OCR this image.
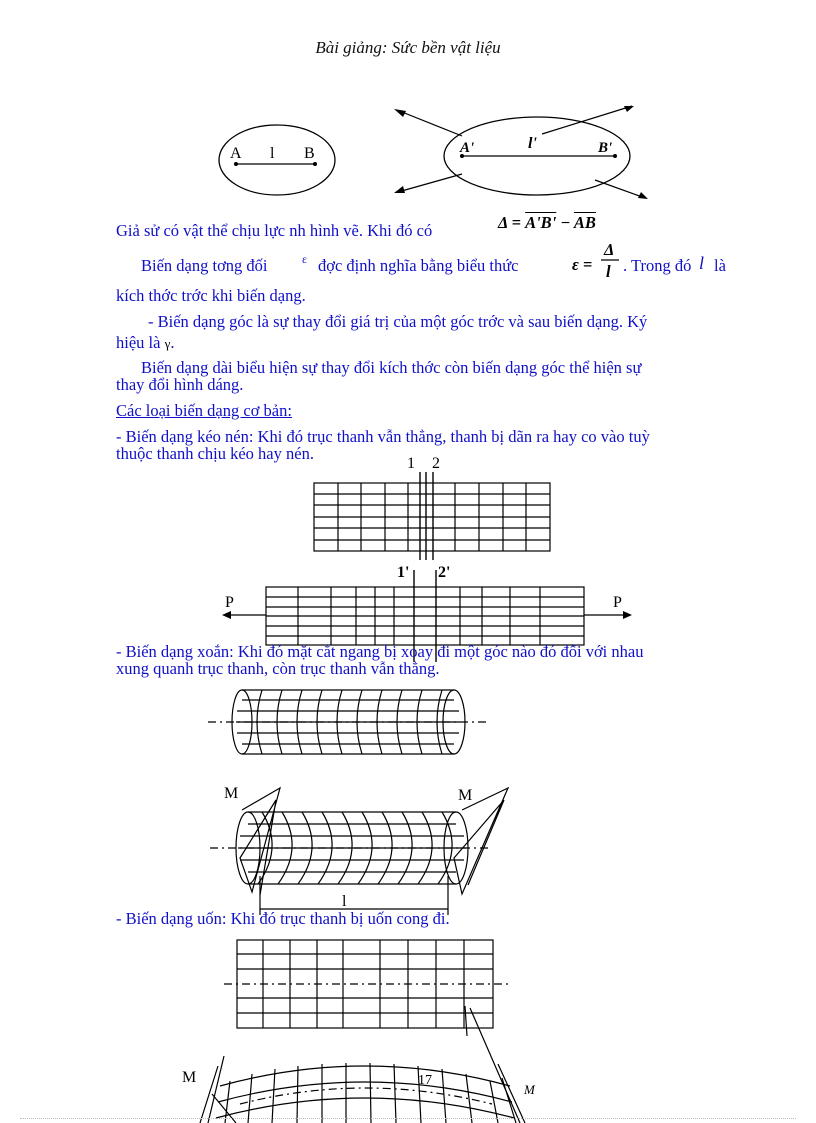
Bài giảng: Sức bền vật liệu
A l B	A'	l'	B'
Giả sử có vật thể chịu lực nh hình vẽ. Khi đó có	$\Delta = A'B' - \overline{AB}$
Biến dạng tơng đối	ε đợc định nghĩa bằng biểu thức	ε =
Δ
l . Trong đó l là
kích thớc trớc khi biến dạng.
- Biến dạng góc là sự thay đổi giá trị của một góc trớc và sau biến dạng. Ký
hiệu là γ.
Biến dạng dài biểu hiện sự thay đổi kích thớc còn biến dạng góc thể hiện sự
thay đổi hình dáng.
Các loại biến dạng cơ bản:
- Biến dạng kéo nén: Khi đó trục thanh vẫn thẳng, thanh bị dãn ra hay co vào tuỳ
thuộc thanh chịu kéo hay nén.
1 2
1' 2'
P	P
- Biến dạng xoắn: Khi đó mặt cắt ngang bị xoay đi một góc nào đó đối với nhau
xung quanh trục thanh, còn trục thanh vẫn thẳng.
M	M
l
- Biến dạng uốn: Khi đó trục thanh bị uốn cong đi.
M	17
M
